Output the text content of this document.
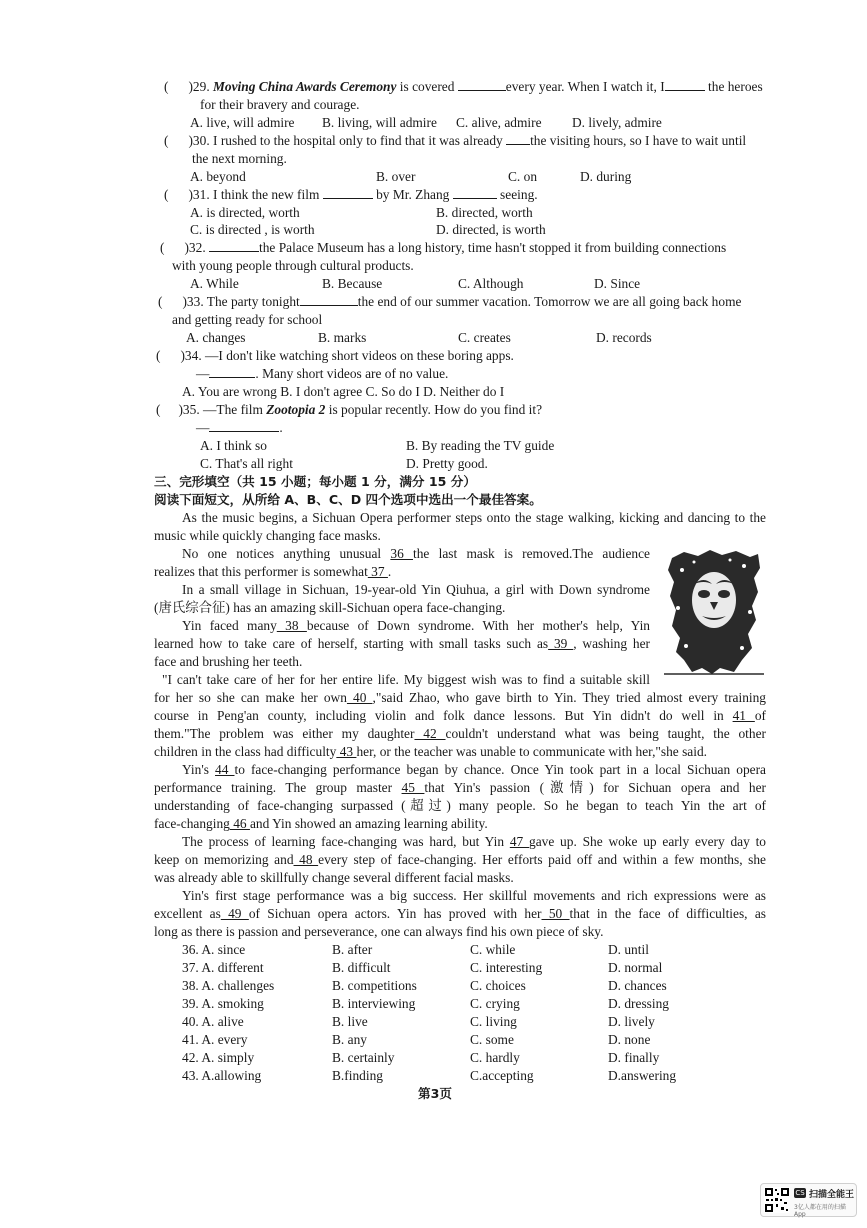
( )29. Moving China Awards Ceremony is covered	every year. When I watch it, I	the heroes
for their bravery and courage.
A. live, will admire B. living, will admire C. alive, admire D. lively, admire
( )30. I rushed to the hospital only to find that it was already the visiting hours, so I have to wait until
the next morning.
A. beyond	B. over	C. on	D. during
( )31. I think the new film	by Mr. Zhang	seeing.
A. is directed, worth	B. directed, worth
C. is directed , is worth	D. directed, is worth
( )32.	the Palace Museum has a long history, time hasn't stopped it from building connections
with young people through cultural products.
A. While	B. Because	C. Although	D. Since
( )33. The party tonight	the end of our summer vacation. Tomorrow we are all going back home
and getting ready for school
A. changes	B. marks	C. creates	D. records
( )34. —I don't like watching short videos on these boring apps.
—	. Many short videos are of no value.
A. You are wrong B. I don't agree C. So do I D. Neither do I
( )35. —The film Zootopia 2 is popular recently. How do you find it?
—	.
A. I think so	B. By reading the TV guide
C. That's all right	D. Pretty good.
三、完形填空（共 15 小题；每小题 1 分，满分 15 分）
阅读下面短文，从所给 A、B、C、D 四个选项中选出一个最佳答案。
As the music begins, a Sichuan Opera performer steps onto the stage walking, kicking and dancing to the
music while quickly changing face masks.
No one notices anything unusual 36 the last mask is removed.The audience
realizes that this performer is somewhat 37 .
In a small village in Sichuan, 19-year-old Yin Qiuhua, a girl with Down syndrome
(唐氏综合征) has an amazing skill-Sichuan opera face-changing.
Yin faced many 38 because of Down syndrome. With her mother's help, Yin
learned how to take care of herself, starting with small tasks such as 39 , washing her
face and brushing her teeth.
"I can't take care of her for her entire life. My biggest wish was to find a suitable skill
for her so she can make her own 40 ,"said Zhao, who gave birth to Yin. They tried almost every training
course in Peng'an county, including violin and folk dance lessons. But Yin didn't do well in 41 of
them."The problem was either my daughter 42 couldn't understand what was being taught, the other
children in the class had difficulty 43 her, or the teacher was unable to communicate with her,"she said.
Yin's 44 to face-changing performance began by chance. Once Yin took part in a local Sichuan opera
performance training. The group master 45 that Yin's passion (激情) for Sichuan opera and her
understanding of face-changing surpassed (超过) many people. So he began to teach Yin the art of
face-changing 46 and Yin showed an amazing learning ability.
The process of learning face-changing was hard, but Yin 47 gave up. She woke up early every day to
keep on memorizing and 48 every step of face-changing. Her efforts paid off and within a few months, she
was already able to skillfully change several different facial masks.
Yin's first stage performance was a big success. Her skillful movements and rich expressions were as
excellent as 49 of Sichuan opera actors. Yin has proved with her 50 that in the face of difficulties, as
long as there is passion and perseverance, one can always find his own piece of sky.
36. A. since	B. after	C. while	D. until
37. A. different	B. difficult	C. interesting	D. normal
38. A. challenges	B. competitions	C. choices	D. chances
39. A. smoking	B. interviewing	C. crying	D. dressing
40. A. alive	B. live	C. living	D. lively
41. A. every	B. any	C. some	D. none
42. A. simply	B. certainly	C. hardly	D. finally
43. A.allowing	B.finding	C.accepting	D.answering
第3页
CS 扫描全能王
3亿人都在用的扫描App
